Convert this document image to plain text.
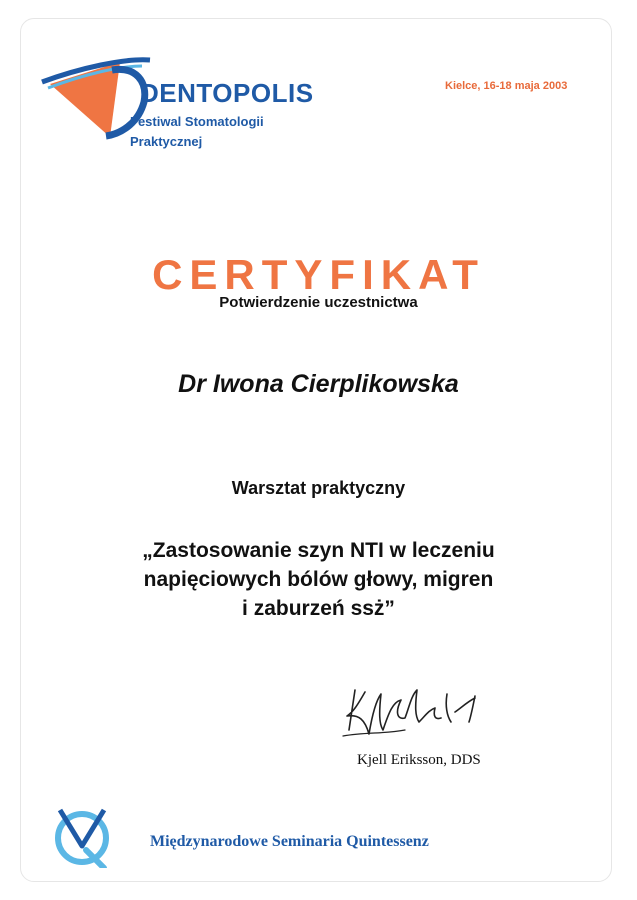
DENTOPOLIS
Festiwal Stomatologii
Praktycznej
Kielce, 16-18 maja 2003
CERTYFIKAT
Potwierdzenie uczestnictwa
Dr Iwona Cierplikowska
Warsztat praktyczny
„Zastosowanie szyn NTI w leczeniu
napięciowych bólów głowy, migren
i zaburzeń ssż”
Kjell Eriksson, DDS
Międzynarodowe Seminaria Quintessenz
